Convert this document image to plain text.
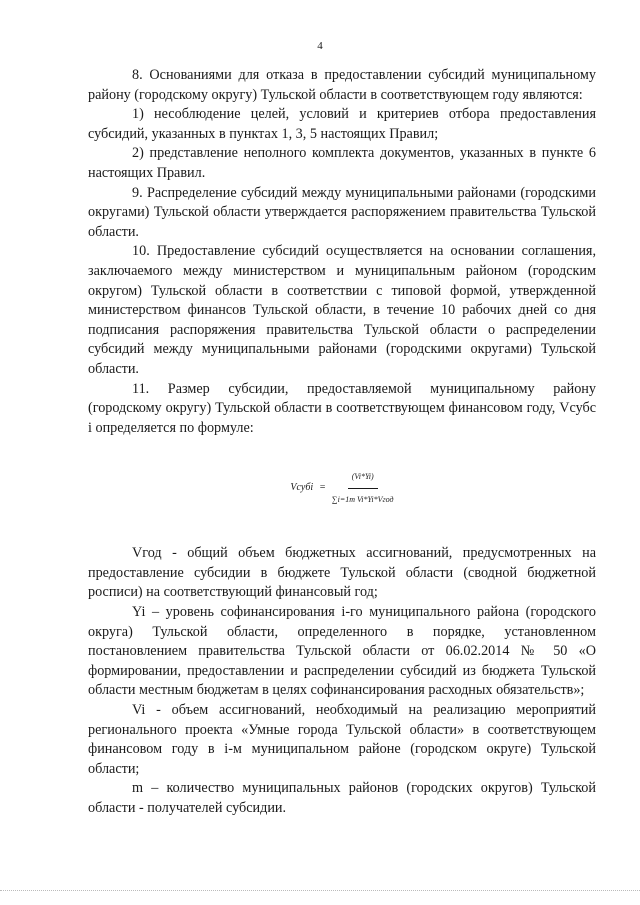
4

8. Основаниями для отказа в предоставлении субсидий муниципальному району (городскому округу) Тульской области в соответствующем году являются:

1) несоблюдение целей, условий и критериев отбора предоставления субсидий, указанных в пунктах 1, 3, 5 настоящих Правил;

2) представление неполного комплекта документов, указанных в пункте 6 настоящих Правил.

9. Распределение субсидий между муниципальными районами (городскими округами) Тульской области утверждается распоряжением правительства Тульской области.

10. Предоставление субсидий осуществляется на основании соглашения, заключаемого между министерством и муниципальным районом (городским округом) Тульской области в соответствии с типовой формой, утвержденной министерством финансов Тульской области, в течение 10 рабочих дней со дня подписания распоряжения правительства Тульской области о распределении субсидий между муниципальными районами (городскими округами) Тульской области.

11. Размер субсидии, предоставляемой муниципальному району (городскому округу) Тульской области в соответствующем финансовом году, Vсубс i определяется по формуле:

Vсубi = $\frac{(Vi*Yi)}{\text{∑i=1m Vi*Yi*Vгод}}$

Vгод - общий объем бюджетных ассигнований, предусмотренных на предоставление субсидии в бюджете Тульской области (сводной бюджетной росписи) на соответствующий финансовый год;

Yi – уровень софинансирования i-го муниципального района (городского округа) Тульской области, определенного в порядке, установленном постановлением правительства Тульской области от 06.02.2014 № 50 «О формировании, предоставлении и распределении субсидий из бюджета Тульской области местным бюджетам в целях софинансирования расходных обязательств»;

Vi - объем ассигнований, необходимый на реализацию мероприятий регионального проекта «Умные города Тульской области» в соответствующем финансовом году в i-м муниципальном районе (городском округе) Тульской области;

m – количество муниципальных районов (городских округов) Тульской области - получателей субсидии.
